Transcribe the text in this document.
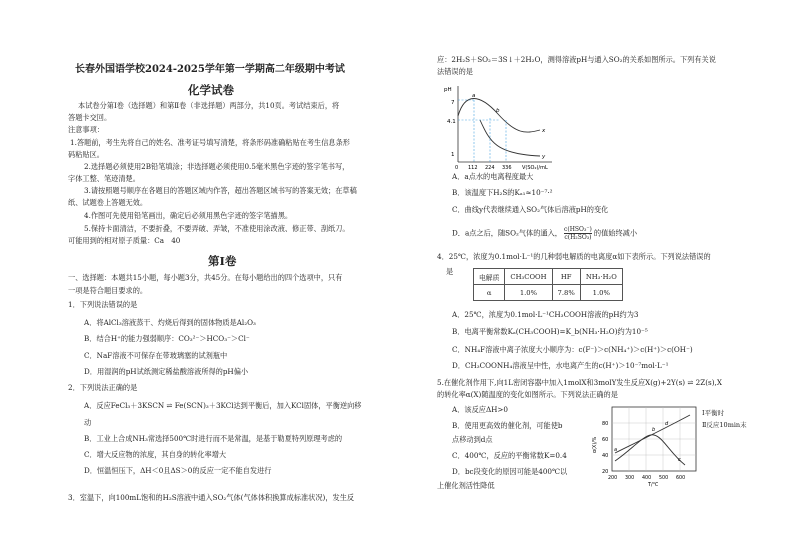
长春外国语学校2024-2025学年第一学期高二年级期中考试
化学试卷
本试卷分第Ⅰ卷（选择题）和第Ⅱ卷（非选择题）两部分，共10页。考试结束后，将
答题卡交回。
注意事项：
1.答题前，考生先将自己的姓名、准考证号填写清楚，将条形码准确粘贴在考生信息条形
码粘贴区。
2.选择题必须使用2B铅笔填涂；非选择题必须使用0.5毫米黑色字迹的签字笔书写，
字体工整、笔迹清楚。
3.请按照题号顺序在各题目的答题区域内作答，超出答题区域书写的答案无效；在草稿
纸、试题卷上答题无效。
4.作图可先使用铅笔画出，确定后必须用黑色字迹的签字笔描黑。
5.保持卡面清洁，不要折叠，不要弄破、弄皱，不准使用涂改液、修正带、刮纸刀。
可能用到的相对原子质量：Ca　40
第Ⅰ卷
一、选择题：本题共15小题，每小题3分，共45分。在每小题给出的四个选项中，只有
一项是符合题目要求的。
1．下列说法错误的是
A．将AlCl₃溶液蒸干、灼烧后得到的固体物质是Al₂O₃
B．结合H⁺的能力强弱顺序：CO₃²⁻＞HCO₃⁻＞Cl⁻
C．NaF溶液不可保存在带玻璃塞的试剂瓶中
D．用湿润的pH试纸测定稀盐酸溶液所得的pH偏小
2．下列说法正确的是
A．反应FeCl₃＋3KSCN ⇌ Fe(SCN)₃＋3KCl达到平衡后，加入KCl固体，平衡逆向移
动
B．工业上合成NH₃常选择500℃时进行而不是常温，是基于勒夏特列原理考虑的
C．增大反应物的浓度，其自身的转化率增大
D．恒温恒压下，ΔH＜0且ΔS＞0的反应一定不能自发进行
3．室温下，向100mL饱和的H₂S溶液中通入SO₂气体(气体体积换算成标准状况)，发生反
应：2H₂S＋SO₂＝3S↓＋2H₂O，测得溶液pH与通入SO₂的关系如图所示。下列有关说
法错误的是
pH
7
4.1
1
0 112 224 336 V(SO₂)/mL
a
b
x
y
A．a点水的电离程度最大
B．该温度下H₂S的Kₐ₁≈10⁻⁷·²
C．曲线y代表继续通入SO₂气体后溶液pH的变化
D．a点之后，随SO₂气体的通入， c(HSO₃⁻)
c(H₂SO₃) 的值始终减小
4．25℃，浓度为0.1mol·L⁻¹的几种弱电解质的电离度α如下表所示。下列说法错误的
是
电解质	CH₃COOH	HF	NH₃·H₂O
α	1.0%	7.8%	1.0%
A．25℃，浓度为0.1mol·L⁻¹CH₃COOH溶液的pH约为3
B．电离平衡常数Kₐ(CH₃COOH)=K_b(NH₃·H₂O)约为10⁻⁵
C．NH₄F溶液中离子浓度大小顺序为：c(F⁻)＞c(NH₄⁺)＞c(H⁺)＞c(OH⁻)
D．CH₃COONH₄溶液呈中性，水电离产生的c(H⁺)＞10⁻⁷mol·L⁻¹
5.在催化剂作用下,向1L密闭容器中加入1molX和3molY发生反应X(g)+2Y(s) ⇌ 2Z(s),X
的转化率α(X)随温度的变化如图所示。下列说法正确的是
A．该反应ΔH>0
B．使用更高效的催化剂，可能使b
点移动到d点
C．400℃，反应的平衡常数K=0.4
D．bc段变化的原因可能是400℃以
上催化剂活性降低
80
60
40
20
α(X)/%
200 300 400 500 600
T/℃
a
b
c
d
Ⅰ平衡时
Ⅱ反应10min末
